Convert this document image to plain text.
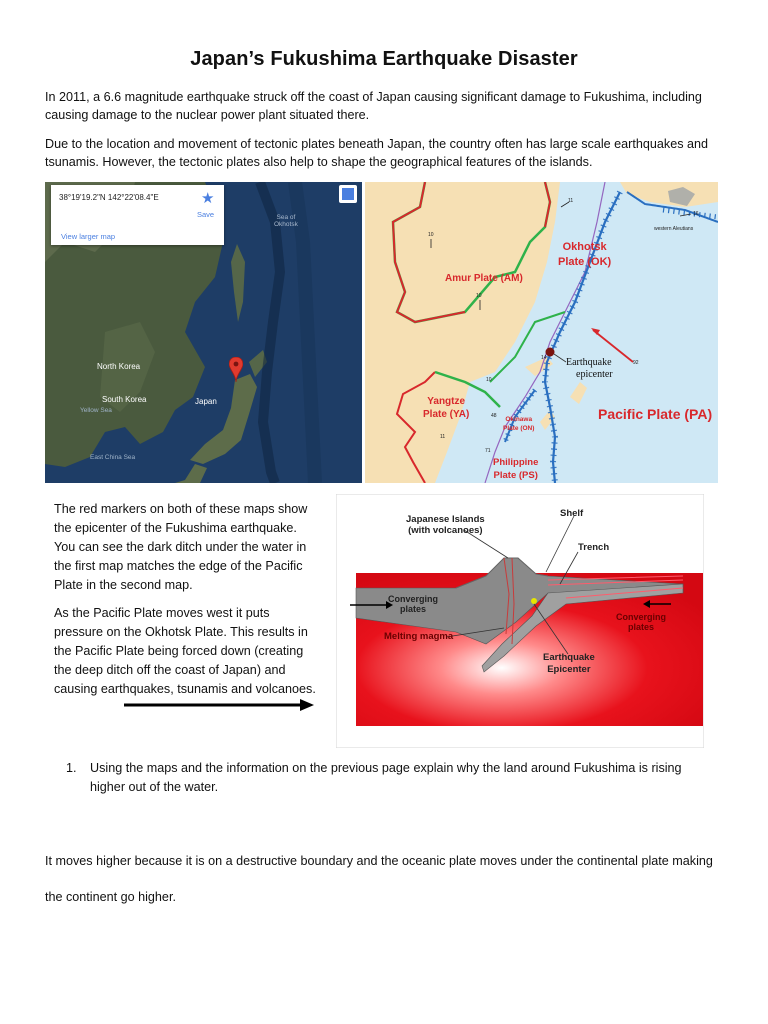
Japan’s Fukushima Earthquake Disaster
In 2011, a 6.6 magnitude earthquake struck off the coast of Japan causing significant damage to Fukushima, including causing damage to the nuclear power plant situated there.
Due to the location and movement of tectonic plates beneath Japan, the country often has large scale earthquakes and tsunamis. However, the tectonic plates also help to shape the geographical features of the islands.
38°19'19.2"N 142°22'08.4"E	★
Save
View larger map
Sea of
Okhotsk
North Korea
South Korea	Japan
Yellow Sea
East China Sea
Amur Plate (AM)
Okhotsk
Plate (OK)
Pacific Plate (PA)
Yangtze
Plate (YA)	Okinawa
Plate (ON)
Philippine
Plate (PS)
Earthquake
epicenter
western Aleutians
11
10
10
16
14
92
48
10
71
11
The red markers on both of these maps show the epicenter of the Fukushima earthquake. You can see the dark ditch under the water in the first map matches the edge of the Pacific Plate in the second map.
As the Pacific Plate moves west it puts pressure on the Okhotsk Plate. This results in the Pacific Plate being forced down (creating the deep ditch off the coast of Japan) and causing earthquakes, tsunamis and volcanoes.
Japanese Islands
(with volcanoes)
Shelf
Trench
Converging
plates
Converging
plates
Melting magma
Earthquake
Epicenter
1. Using the maps and the information on the previous page explain why the land around Fukushima is rising higher out of the water.
It moves higher because it is on a destructive boundary and the oceanic plate moves under the continental plate making
the continent go higher.
